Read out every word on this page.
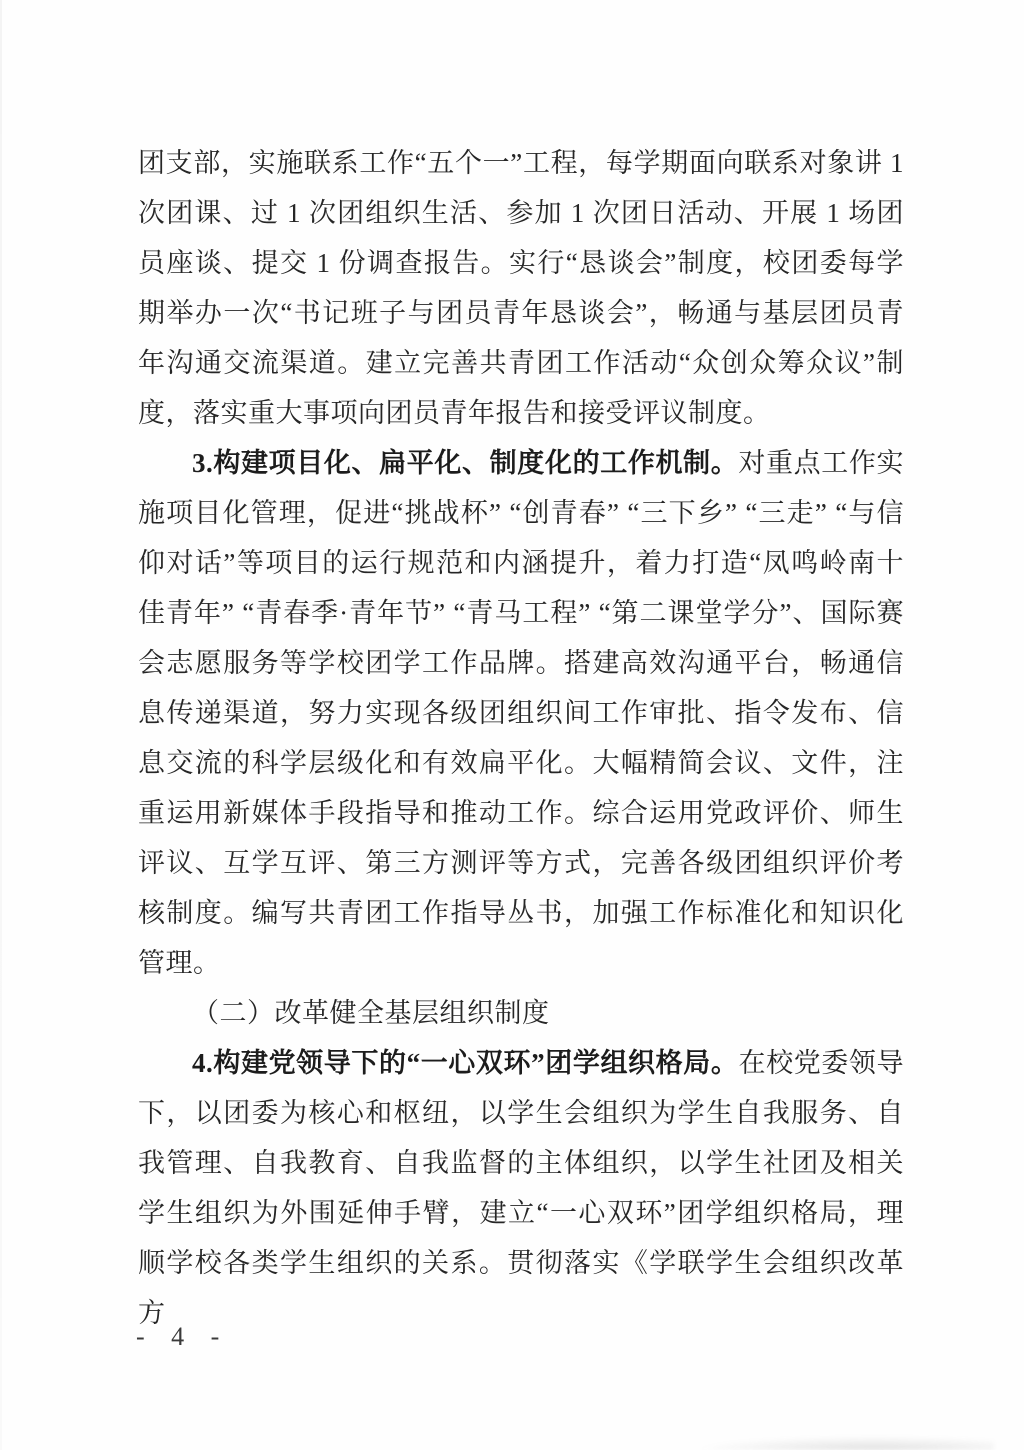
团支部，实施联系工作“五个一”工程，每学期面向联系对象讲 1 次团课、过 1 次团组织生活、参加 1 次团日活动、开展 1 场团员座谈、提交 1 份调查报告。实行“恳谈会”制度，校团委每学期举办一次“书记班子与团员青年恳谈会”，畅通与基层团员青年沟通交流渠道。建立完善共青团工作活动“众创众筹众议”制度，落实重大事项向团员青年报告和接受评议制度。

3.构建项目化、扁平化、制度化的工作机制。对重点工作实施项目化管理，促进“挑战杯” “创青春” “三下乡” “三走” “与信仰对话”等项目的运行规范和内涵提升，着力打造“凤鸣岭南十佳青年” “青春季·青年节” “青马工程” “第二课堂学分”、国际赛会志愿服务等学校团学工作品牌。搭建高效沟通平台，畅通信息传递渠道，努力实现各级团组织间工作审批、指令发布、信息交流的科学层级化和有效扁平化。大幅精简会议、文件，注重运用新媒体手段指导和推动工作。综合运用党政评价、师生评议、互学互评、第三方测评等方式，完善各级团组织评价考核制度。编写共青团工作指导丛书，加强工作标准化和知识化管理。

（二）改革健全基层组织制度

4.构建党领导下的“一心双环”团学组织格局。在校党委领导下，以团委为核心和枢纽，以学生会组织为学生自我服务、自我管理、自我教育、自我监督的主体组织，以学生社团及相关学生组织为外围延伸手臂，建立“一心双环”团学组织格局，理顺学校各类学生组织的关系。贯彻落实《学联学生会组织改革方

- 4 -
